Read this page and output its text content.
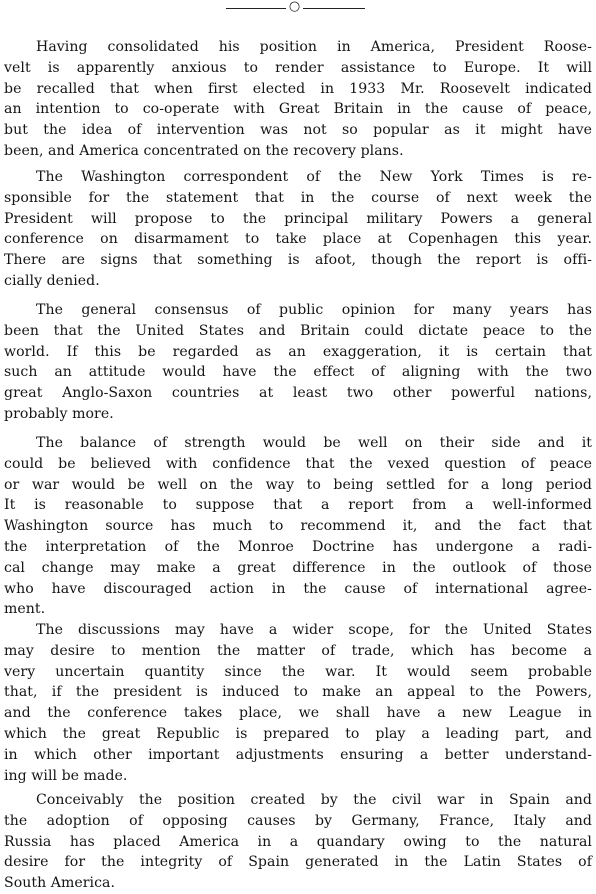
○
Having consolidated his position in America, President Roose-
velt is apparently anxious to render assistance to Europe. It will
be recalled that when first elected in 1933 Mr. Roosevelt indicated
an intention to co-operate with Great Britain in the cause of peace,
but the idea of intervention was not so popular as it might have
been, and America concentrated on the recovery plans.
The Washington correspondent of the New York Times is re-
sponsible for the statement that in the course of next week the
President will propose to the principal military Powers a general
conference on disarmament to take place at Copenhagen this year.
There are signs that something is afoot, though the report is offi-
cially denied.
The general consensus of public opinion for many years has
been that the United States and Britain could dictate peace to the
world. If this be regarded as an exaggeration, it is certain that
such an attitude would have the effect of aligning with the two
great Anglo-Saxon countries at least two other powerful nations,
probably more.
The balance of strength would be well on their side and it
could be believed with confidence that the vexed question of peace
or war would be well on the way to being settled for a long period
It is reasonable to suppose that a report from a well-informed
Washington source has much to recommend it, and the fact that
the interpretation of the Monroe Doctrine has undergone a radi-
cal change may make a great difference in the outlook of those
who have discouraged action in the cause of international agree-
ment.
The discussions may have a wider scope, for the United States
may desire to mention the matter of trade, which has become a
very uncertain quantity since the war. It would seem probable
that, if the president is induced to make an appeal to the Powers,
and the conference takes place, we shall have a new League in
which the great Republic is prepared to play a leading part, and
in which other important adjustments ensuring a better understand-
ing will be made.
Conceivably the position created by the civil war in Spain and
the adoption of opposing causes by Germany, France, Italy and
Russia has placed America in a quandary owing to the natural
desire for the integrity of Spain generated in the Latin States of
South America.
